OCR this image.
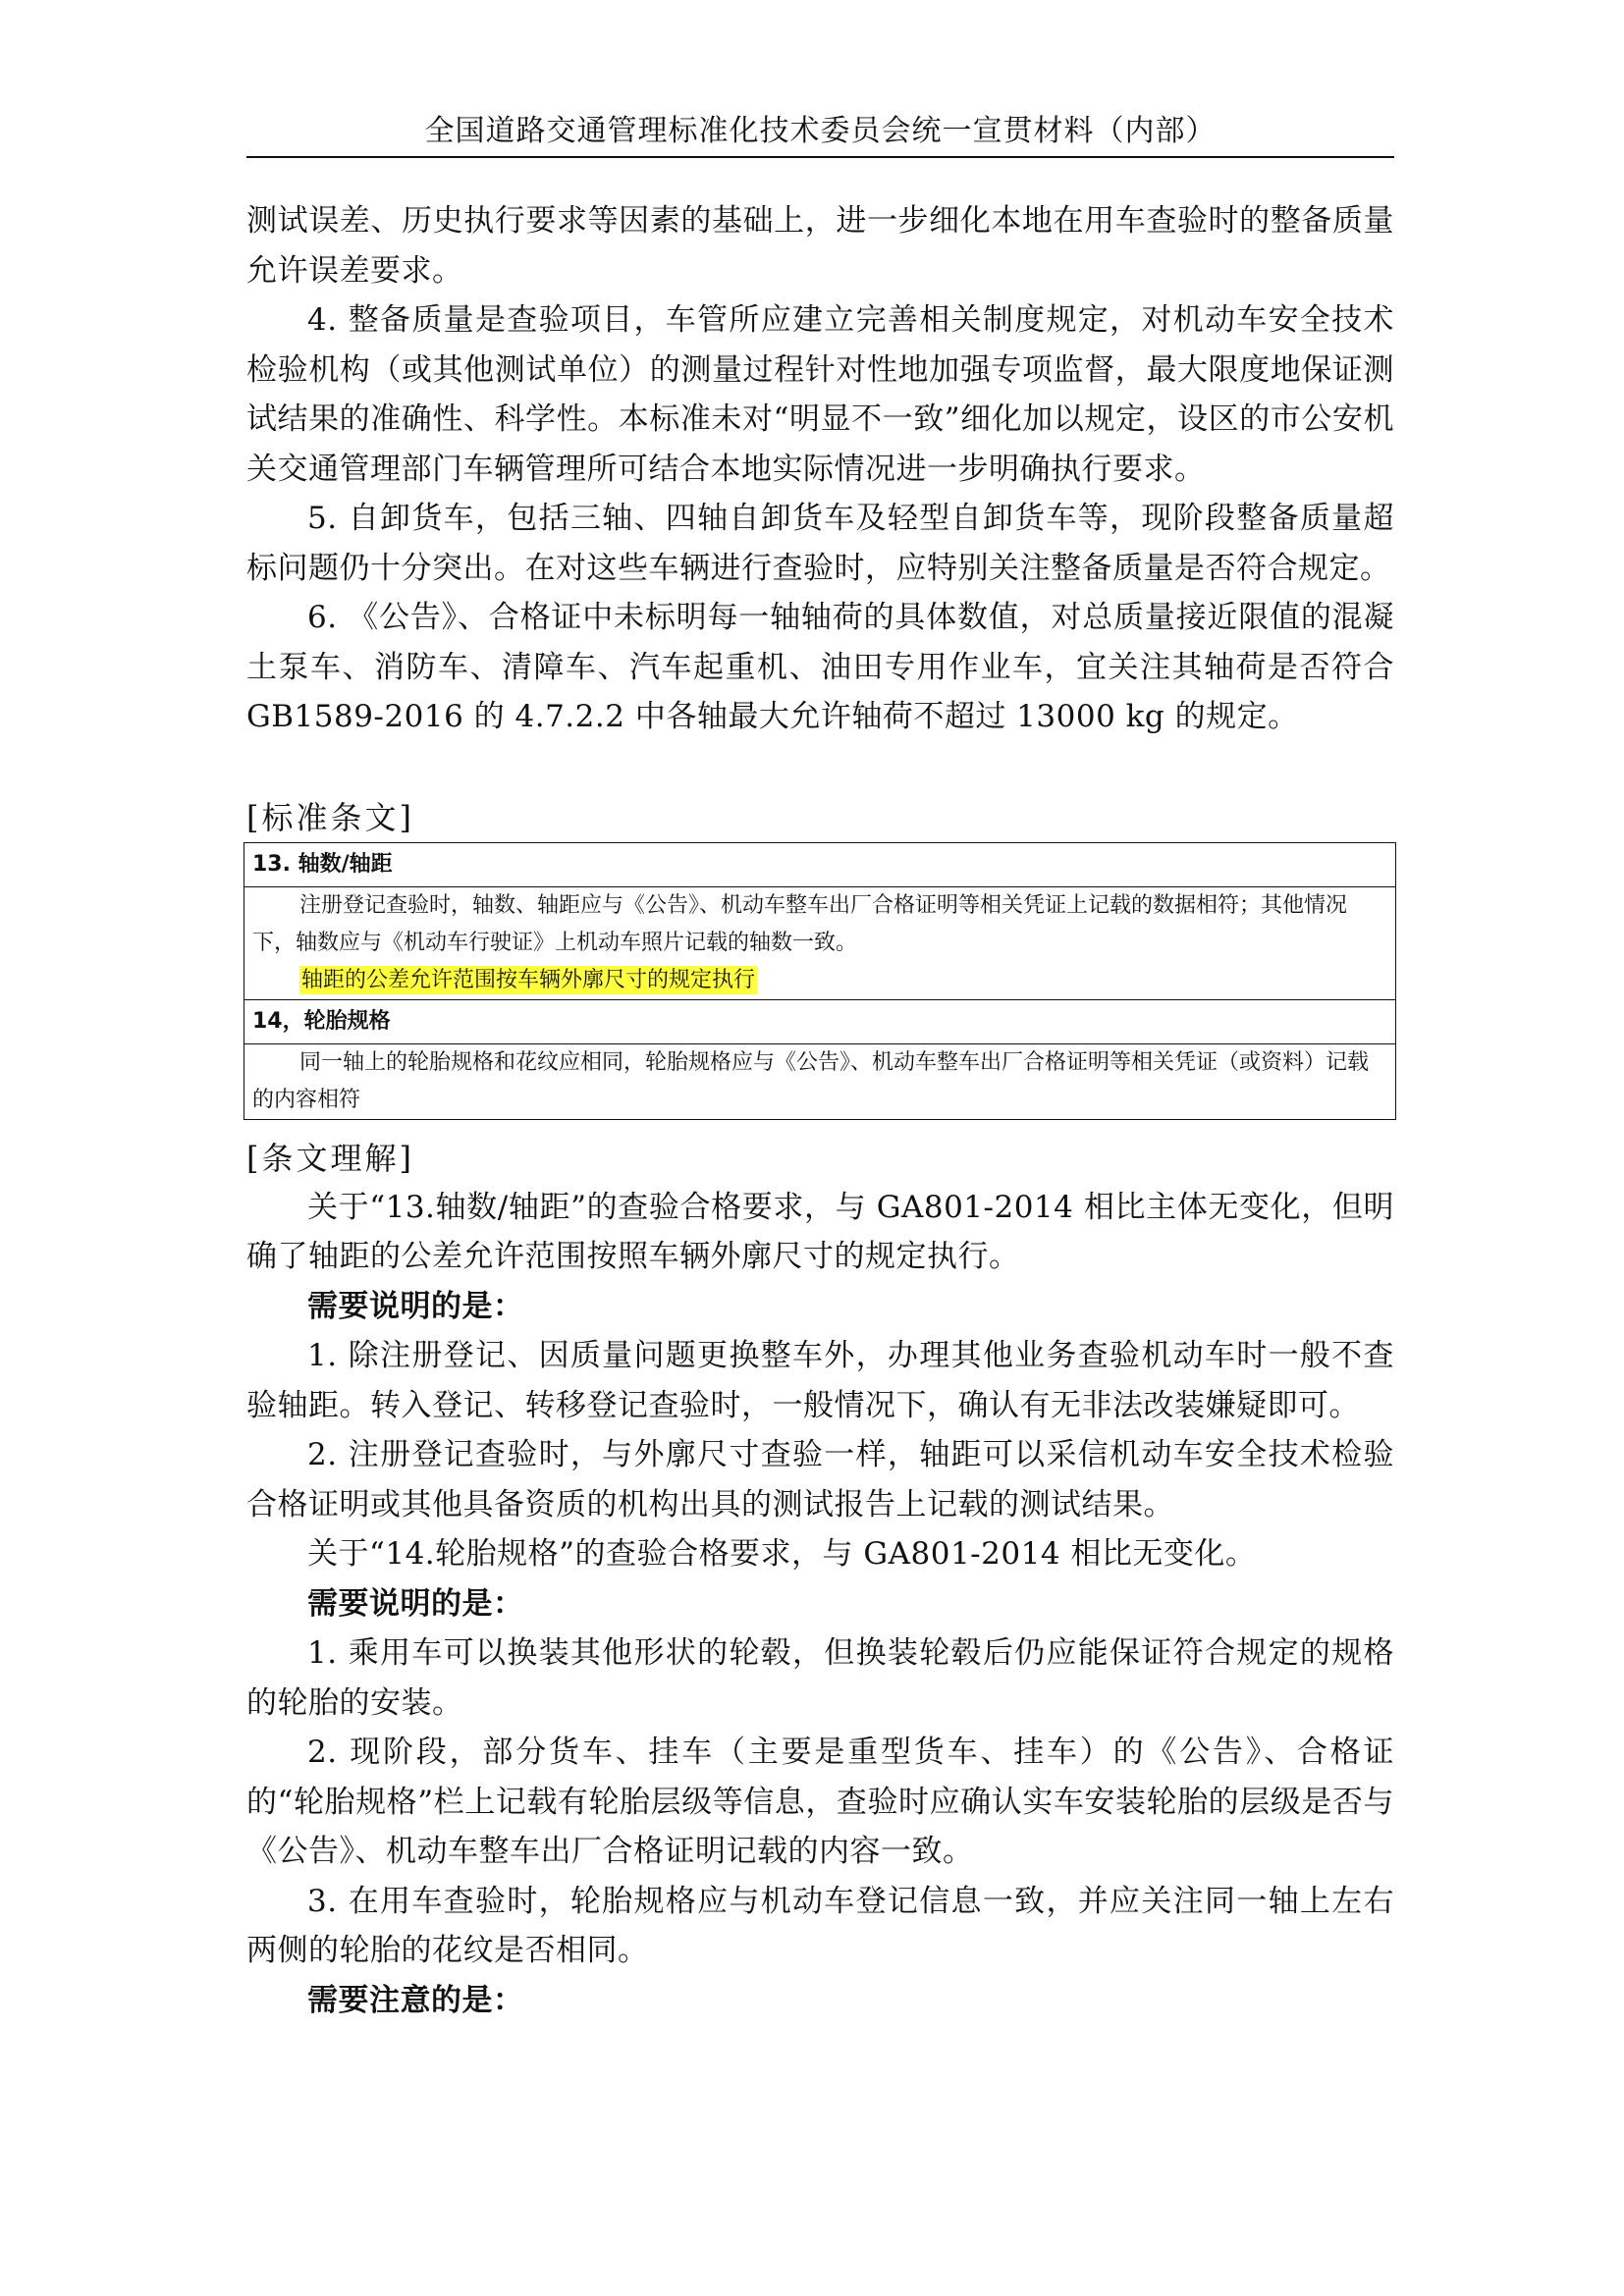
全国道路交通管理标准化技术委员会统一宣贯材料（内部）

测试误差、历史执行要求等因素的基础上，进一步细化本地在用车查验时的整备质量允许误差要求。

4. 整备质量是查验项目，车管所应建立完善相关制度规定，对机动车安全技术检验机构（或其他测试单位）的测量过程针对性地加强专项监督，最大限度地保证测试结果的准确性、科学性。本标准未对“明显不一致”细化加以规定，设区的市公安机关交通管理部门车辆管理所可结合本地实际情况进一步明确执行要求。

5. 自卸货车，包括三轴、四轴自卸货车及轻型自卸货车等，现阶段整备质量超标问题仍十分突出。在对这些车辆进行查验时，应特别关注整备质量是否符合规定。

6. 《公告》、合格证中未标明每一轴轴荷的具体数值，对总质量接近限值的混凝土泵车、消防车、清障车、汽车起重机、油田专用作业车，宜关注其轴荷是否符合GB1589-2016 的 4.7.2.2 中各轴最大允许轴荷不超过 13000 kg 的规定。

[标准条文]
13. 轴数/轴距

注册登记查验时，轴数、轴距应与《公告》、机动车整车出厂合格证明等相关凭证上记载的数据相符；其他情况下，轴数应与《机动车行驶证》上机动车照片记载的轴数一致。
轴距的公差允许范围按车辆外廓尺寸的规定执行

14，轮胎规格

同一轴上的轮胎规格和花纹应相同，轮胎规格应与《公告》、机动车整车出厂合格证明等相关凭证（或资料）记载的内容相符
[条文理解]

关于“13.轴数/轴距”的查验合格要求，与 GA801-2014 相比主体无变化，但明确了轴距的公差允许范围按照车辆外廓尺寸的规定执行。

需要说明的是：

1. 除注册登记、因质量问题更换整车外，办理其他业务查验机动车时一般不查验轴距。转入登记、转移登记查验时，一般情况下，确认有无非法改装嫌疑即可。

2. 注册登记查验时，与外廓尺寸查验一样，轴距可以采信机动车安全技术检验合格证明或其他具备资质的机构出具的测试报告上记载的测试结果。

关于“14.轮胎规格”的查验合格要求，与 GA801-2014 相比无变化。

需要说明的是：

1. 乘用车可以换装其他形状的轮毂，但换装轮毂后仍应能保证符合规定的规格的轮胎的安装。

2. 现阶段，部分货车、挂车（主要是重型货车、挂车）的《公告》、合格证的“轮胎规格”栏上记载有轮胎层级等信息，查验时应确认实车安装轮胎的层级是否与《公告》、机动车整车出厂合格证明记载的内容一致。

3. 在用车查验时，轮胎规格应与机动车登记信息一致，并应关注同一轴上左右两侧的轮胎的花纹是否相同。

需要注意的是：
